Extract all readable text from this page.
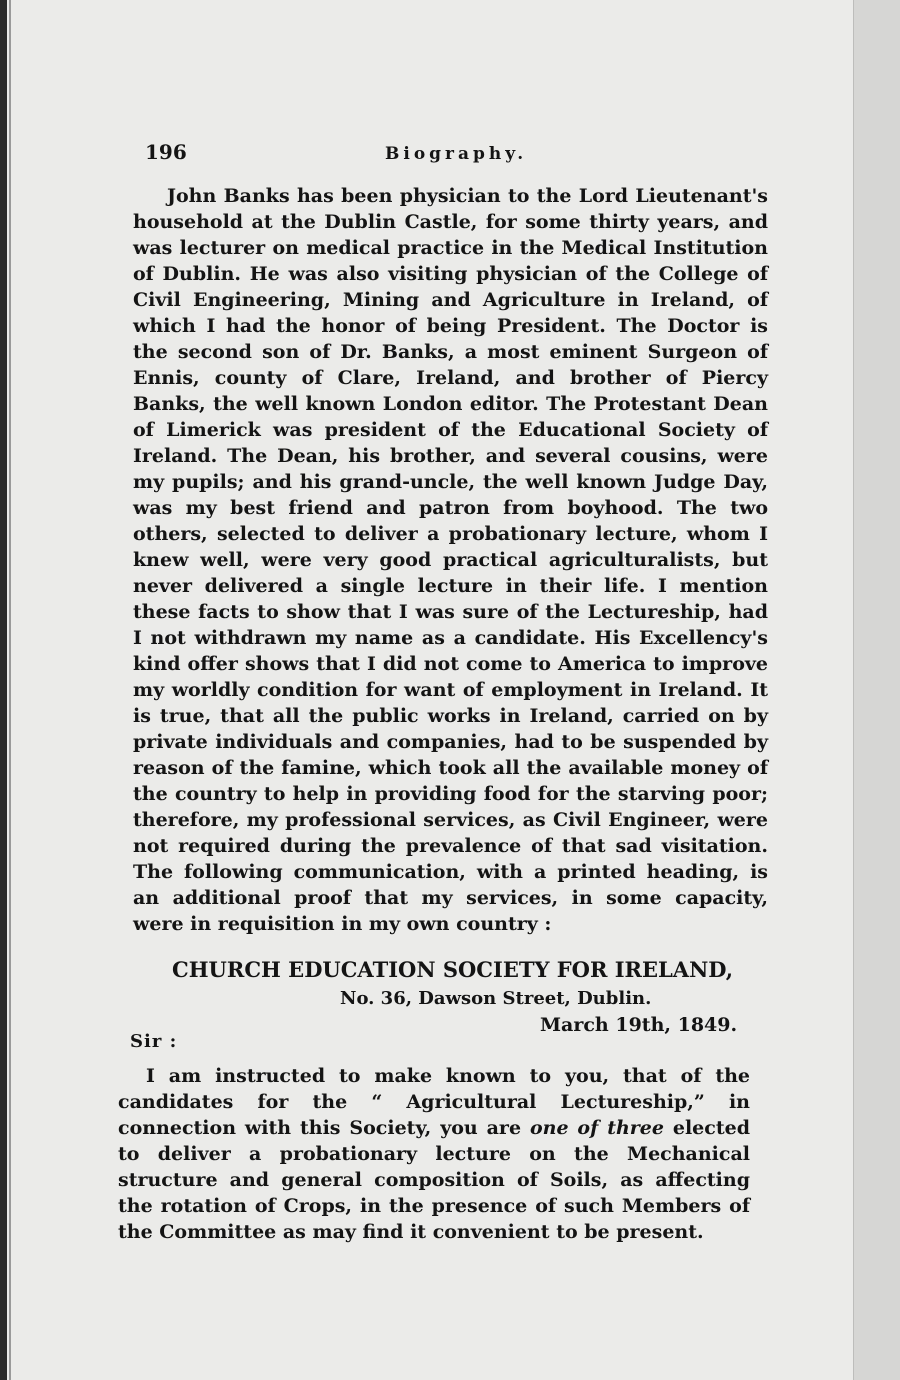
196	Biography.

John Banks has been physician to the Lord Lieutenant's household at the Dublin Castle, for some thirty years, and was lecturer on medical practice in the Medical Institution of Dublin. He was also visiting physician of the College of Civil Engineering, Mining and Agriculture in Ireland, of which I had the honor of being President. The Doctor is the second son of Dr. Banks, a most eminent Surgeon of Ennis, county of Clare, Ireland, and brother of Piercy Banks, the well known London editor. The Protestant Dean of Limerick was president of the Educational Society of Ireland. The Dean, his brother, and several cousins, were my pupils; and his grand-uncle, the well known Judge Day, was my best friend and patron from boyhood. The two others, selected to deliver a probationary lecture, whom I knew well, were very good practical agriculturalists, but never delivered a single lecture in their life. I mention these facts to show that I was sure of the Lectureship, had I not withdrawn my name as a candidate. His Excellency's kind offer shows that I did not come to America to improve my worldly condition for want of employment in Ireland. It is true, that all the public works in Ireland, carried on by private individuals and companies, had to be suspended by reason of the famine, which took all the available money of the country to help in providing food for the starving poor; therefore, my professional services, as Civil Engineer, were not required during the prevalence of that sad visitation. The following communication, with a printed heading, is an additional proof that my services, in some capacity, were in requisition in my own country :

CHURCH EDUCATION SOCIETY FOR IRELAND,
No. 36, Dawson Street, Dublin.
March 19th, 1849.
Sir :

I am instructed to make known to you, that of the candidates for the “ Agricultural Lectureship,” in connection with this Society, you are one of three elected to deliver a probationary lecture on the Mechanical structure and general composition of Soils, as affecting the rotation of Crops, in the presence of such Members of the Committee as may find it convenient to be present.
